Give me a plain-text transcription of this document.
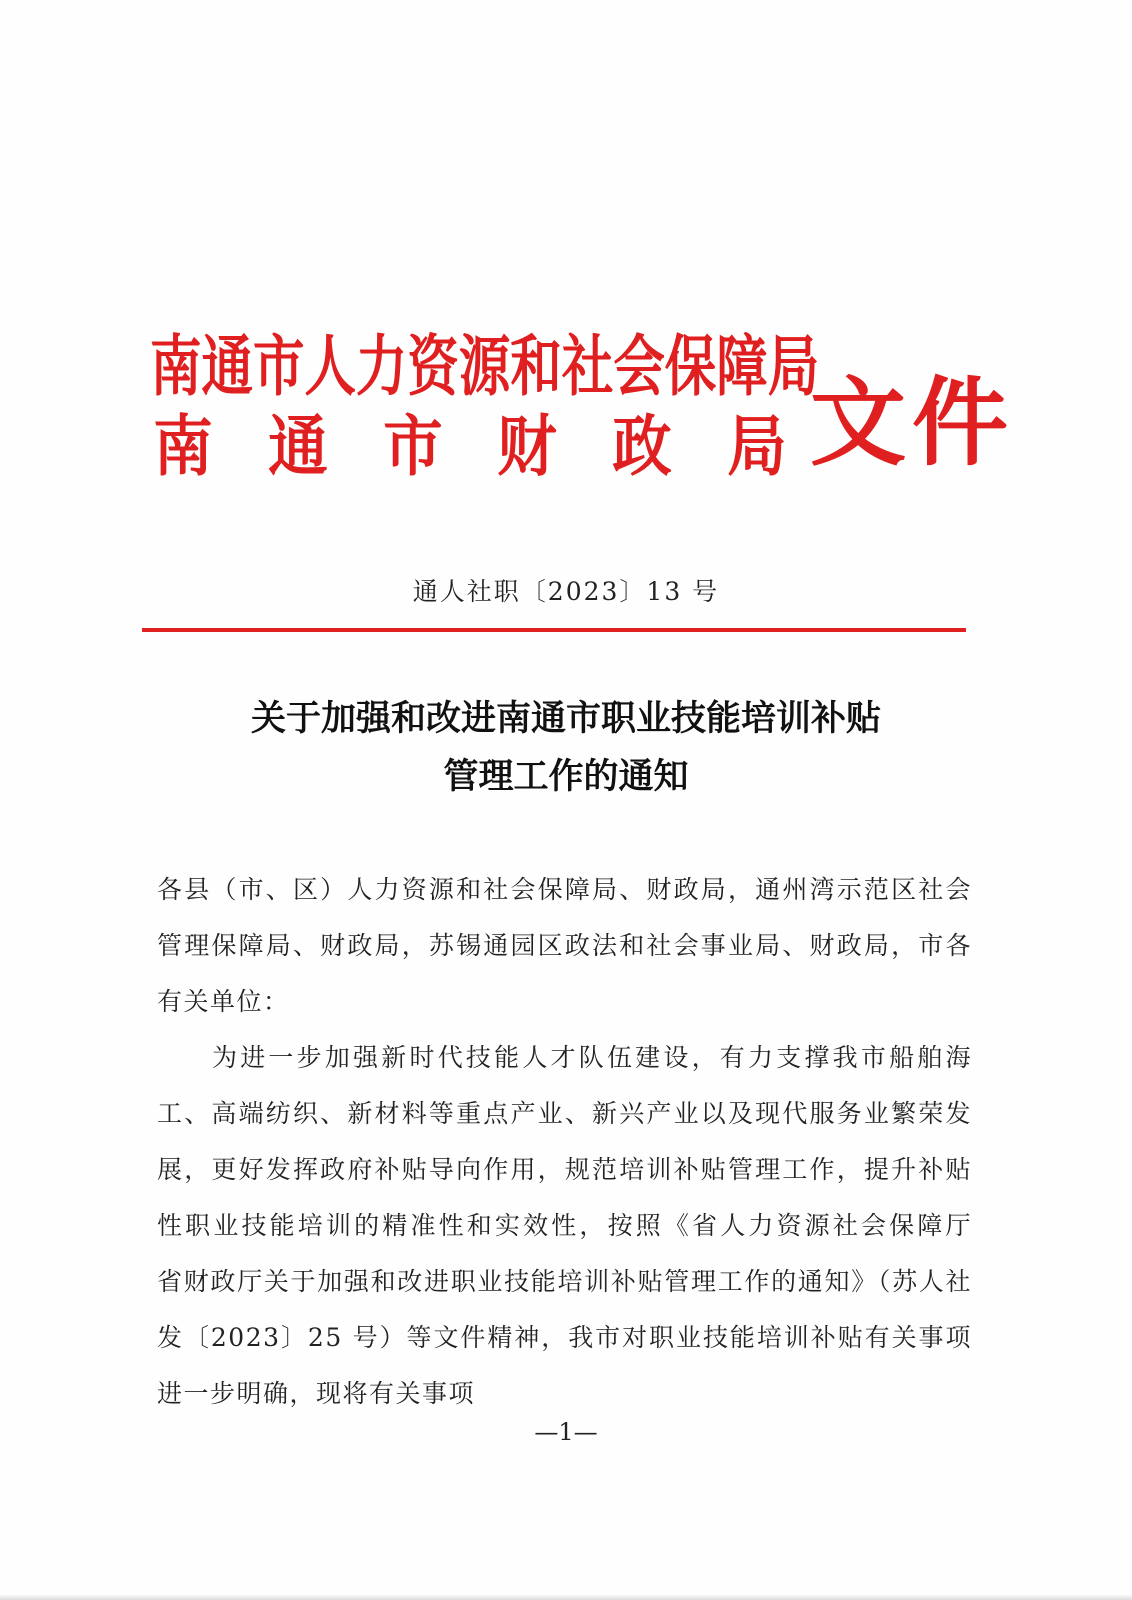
南通市人力资源和社会保障局
南 通 市 财 政 局 文件
通人社职〔2023〕13 号
关于加强和改进南通市职业技能培训补贴
管理工作的通知

各县（市、区）人力资源和社会保障局、财政局，通州湾示范区社会管理保障局、财政局，苏锡通园区政法和社会事业局、财政局，市各有关单位：

为进一步加强新时代技能人才队伍建设，有力支撑我市船舶海工、高端纺织、新材料等重点产业、新兴产业以及现代服务业繁荣发展，更好发挥政府补贴导向作用，规范培训补贴管理工作，提升补贴性职业技能培训的精准性和实效性，按照《省人力资源社会保障厅　省财政厅关于加强和改进职业技能培训补贴管理工作的通知》（苏人社发〔2023〕25 号）等文件精神，我市对职业技能培训补贴有关事项进一步明确，现将有关事项

—1—
